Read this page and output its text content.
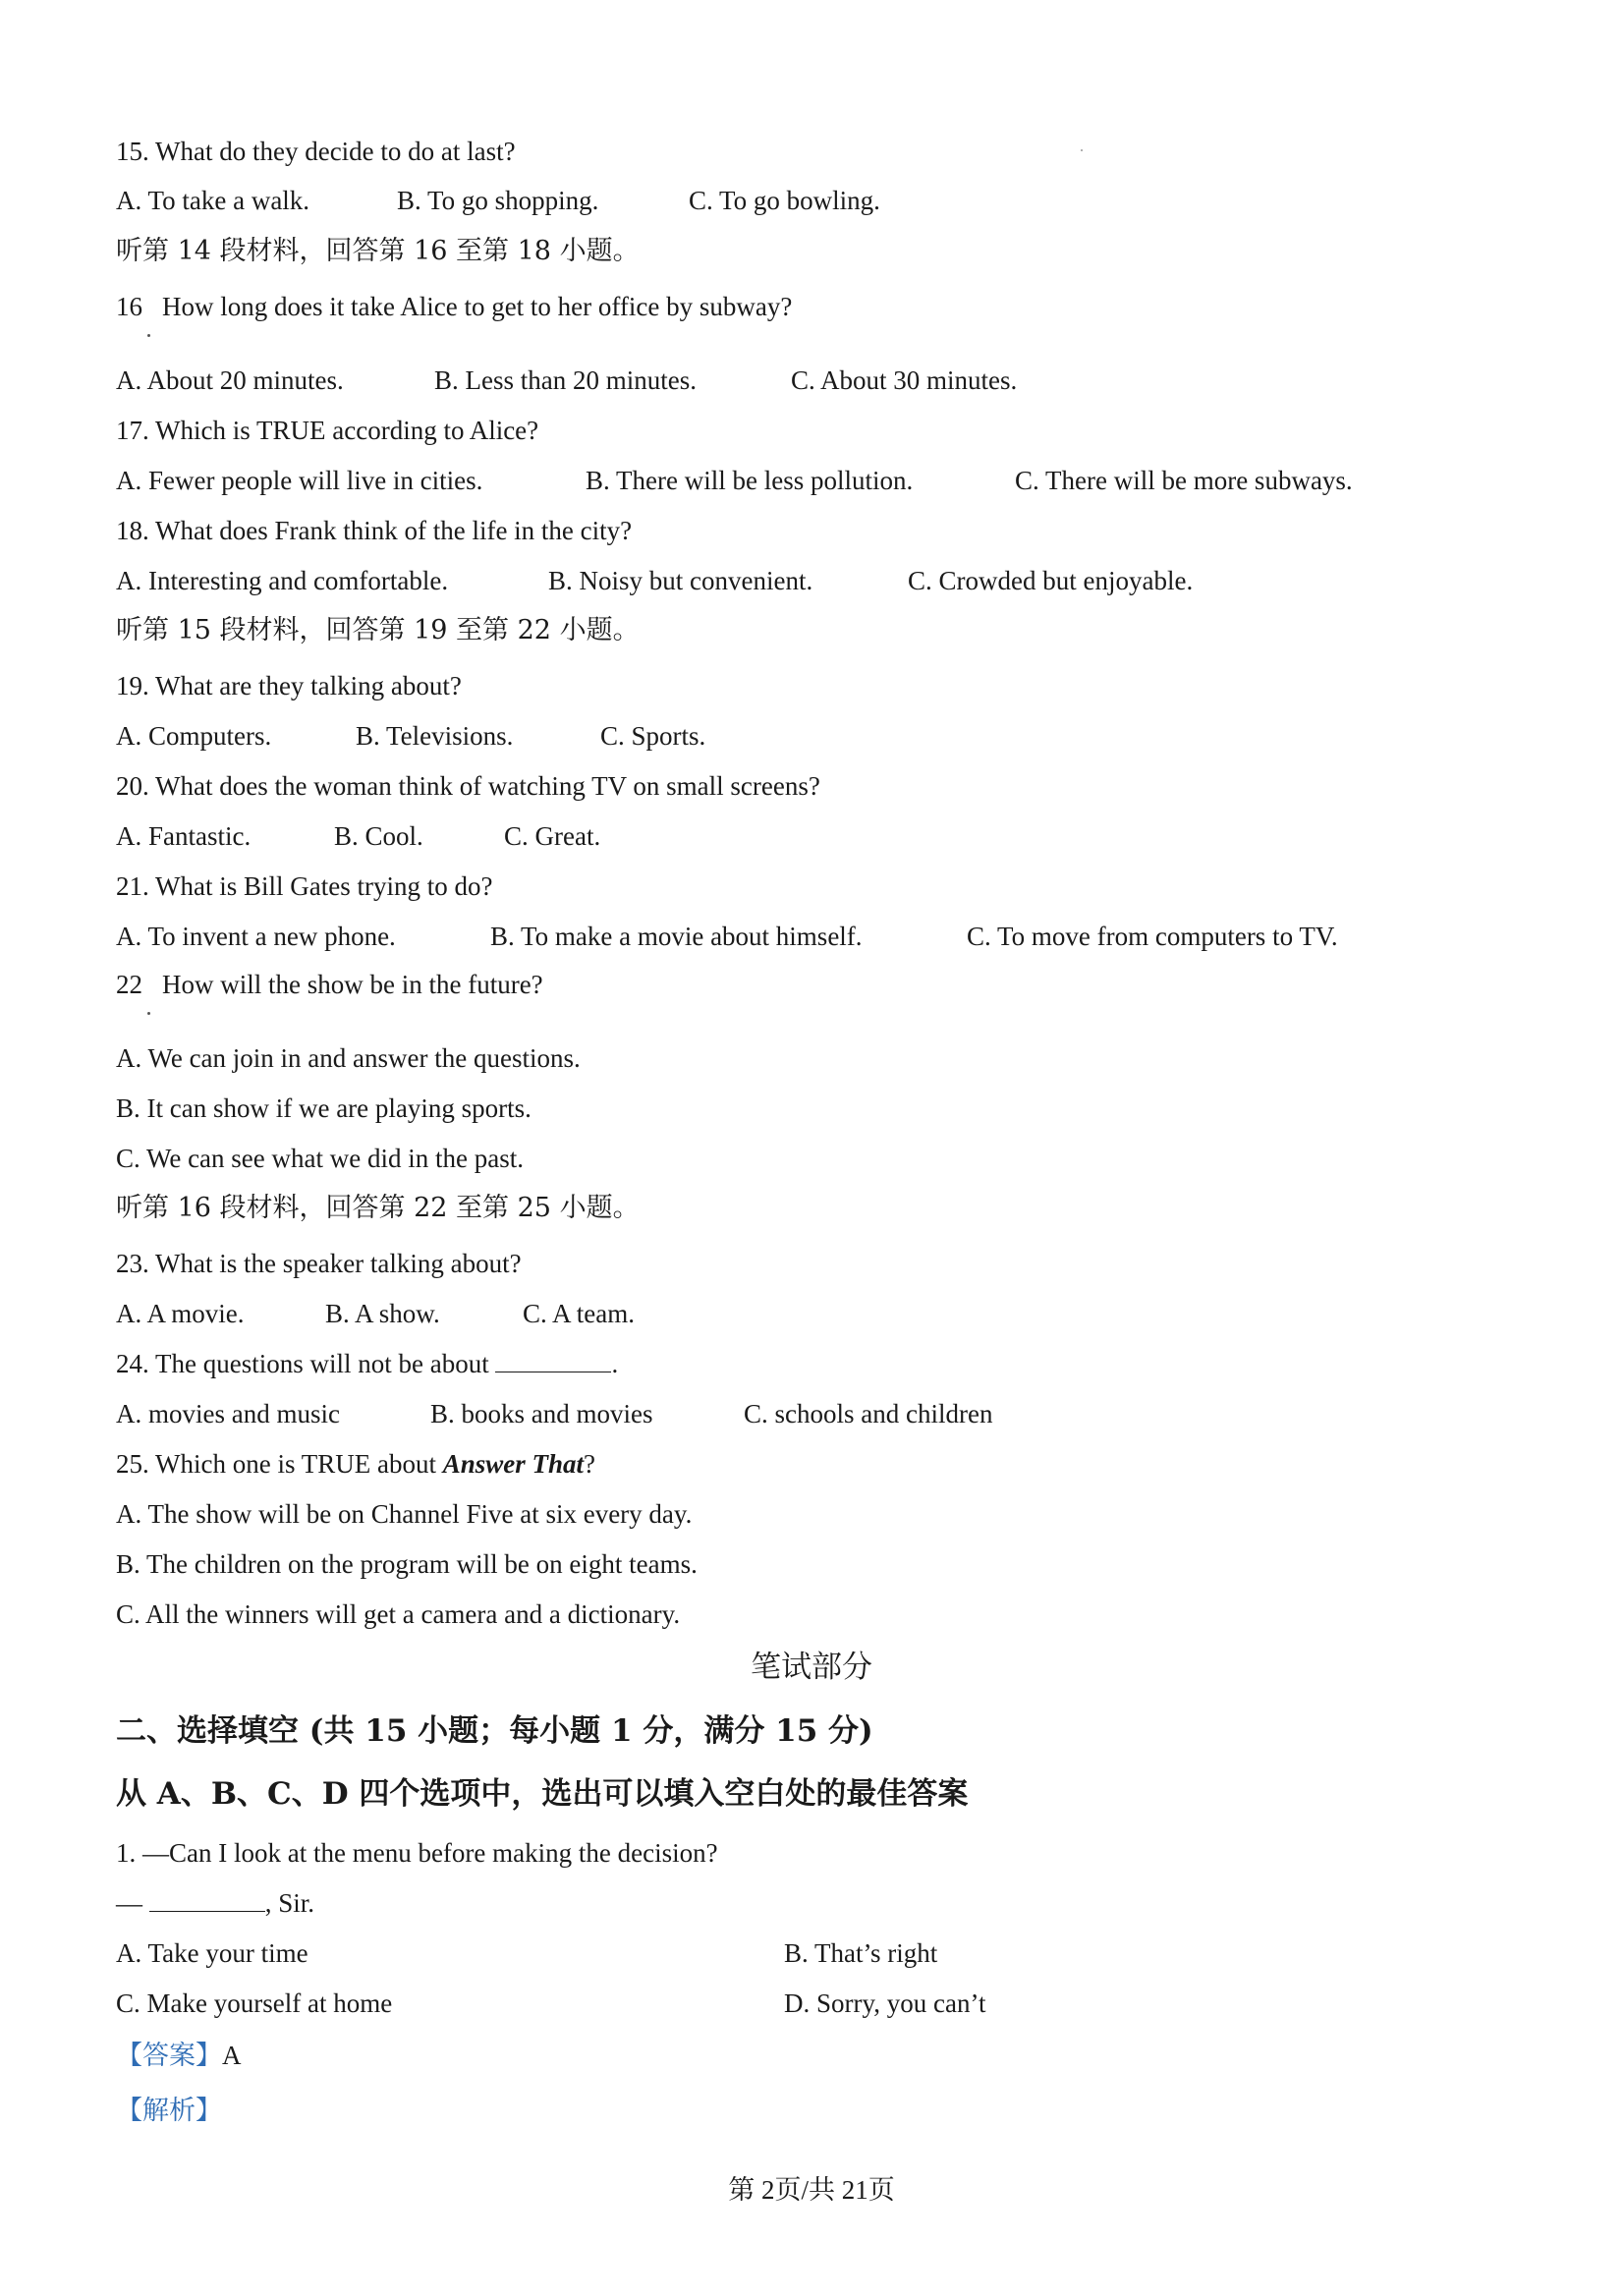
15. What do they decide to do at last?
A. To take a walk.	B. To go shopping.	C. To go bowling.
听第 14 段材料，回答第 16 至第 18 小题。
16 How long does it take Alice to get to her office by subway?
A. About 20 minutes.	B. Less than 20 minutes.	C. About 30 minutes.
17. Which is TRUE according to Alice?
A. Fewer people will live in cities.	B. There will be less pollution.	C. There will be more subways.
18. What does Frank think of the life in the city?
A. Interesting and comfortable.	B. Noisy but convenient.	C. Crowded but enjoyable.
听第 15 段材料，回答第 19 至第 22 小题。
19. What are they talking about?
A. Computers.	B. Televisions.	C. Sports.
20. What does the woman think of watching TV on small screens?
A. Fantastic.	B. Cool.	C. Great.
21. What is Bill Gates trying to do?
A. To invent a new phone.	B. To make a movie about himself.	C. To move from computers to TV.
22 How will the show be in the future?
A. We can join in and answer the questions.
B. It can show if we are playing sports.
C. We can see what we did in the past.
听第 16 段材料，回答第 22 至第 25 小题。
23. What is the speaker talking about?
A. A movie.	B. A show.	C. A team.
24. The questions will not be about	.
A. movies and music	B. books and movies	C. schools and children
25. Which one is TRUE about Answer That?
A. The show will be on Channel Five at six every day.
B. The children on the program will be on eight teams.
C. All the winners will get a camera and a dictionary.
笔试部分
二、选择填空 (共 15 小题；每小题 1 分，满分 15 分)
从 A、B、C、D 四个选项中，选出可以填入空白处的最佳答案
1. —Can I look at the menu before making the decision?
—	, Sir.
A. Take your time	B. That’s right
C. Make yourself at home	D. Sorry, you can’t
【答案】A
【解析】
第 2页/共 21页
